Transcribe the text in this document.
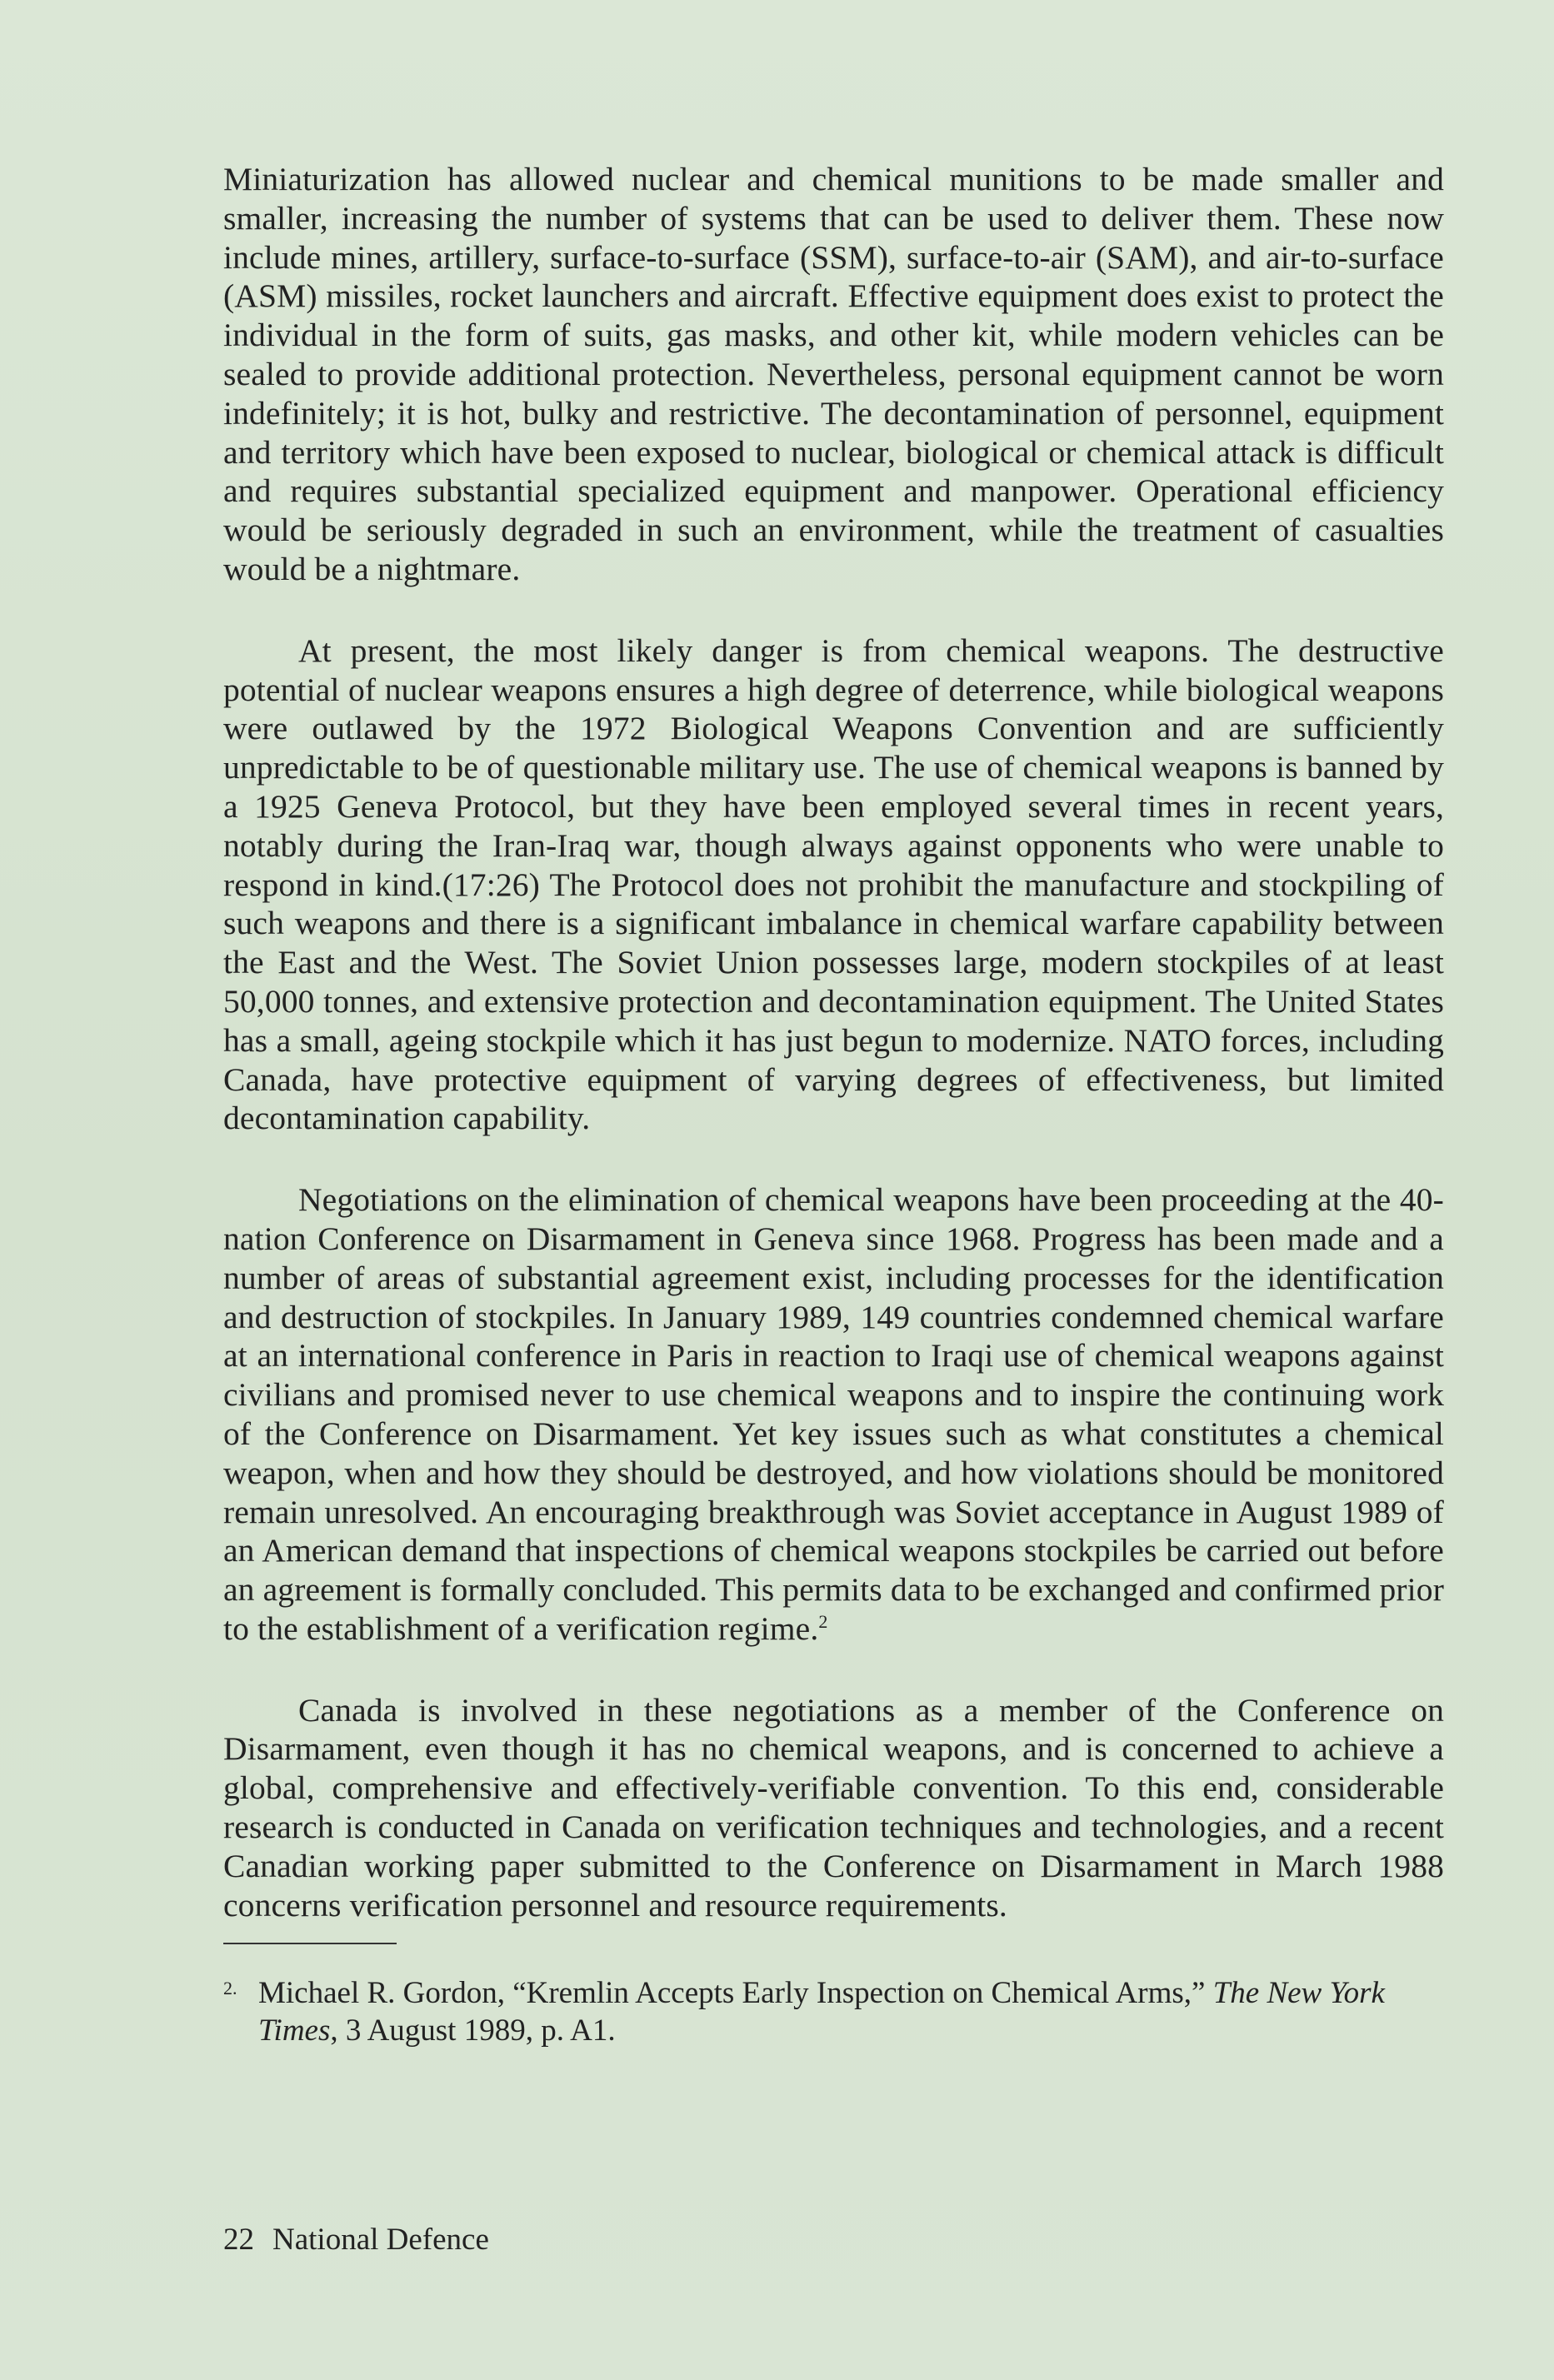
Miniaturization has allowed nuclear and chemical munitions to be made smaller and smaller, increasing the number of systems that can be used to deliver them. These now include mines, artillery, surface-to-surface (SSM), surface-to-air (SAM), and air-to-surface (ASM) missiles, rocket launchers and aircraft. Effective equipment does exist to protect the individual in the form of suits, gas masks, and other kit, while modern vehicles can be sealed to provide additional protection. Nevertheless, personal equipment cannot be worn indefinitely; it is hot, bulky and restrictive. The decontamination of personnel, equipment and territory which have been exposed to nuclear, biological or chemical attack is difficult and requires substantial specialized equipment and manpower. Operational efficiency would be seriously degraded in such an environment, while the treatment of casualties would be a nightmare.

At present, the most likely danger is from chemical weapons. The destructive potential of nuclear weapons ensures a high degree of deterrence, while biological weapons were outlawed by the 1972 Biological Weapons Convention and are sufficiently unpredictable to be of questionable military use. The use of chemical weapons is banned by a 1925 Geneva Protocol, but they have been employed several times in recent years, notably during the Iran-Iraq war, though always against opponents who were unable to respond in kind.(17:26) The Protocol does not prohibit the manufacture and stockpiling of such weapons and there is a significant imbalance in chemical warfare capability between the East and the West. The Soviet Union possesses large, modern stockpiles of at least 50,000 tonnes, and extensive protection and decontamination equipment. The United States has a small, ageing stockpile which it has just begun to modernize. NATO forces, including Canada, have protective equipment of varying degrees of effectiveness, but limited decontamination capability.

Negotiations on the elimination of chemical weapons have been proceeding at the 40-nation Conference on Disarmament in Geneva since 1968. Progress has been made and a number of areas of substantial agreement exist, including processes for the identification and destruction of stockpiles. In January 1989, 149 countries condemned chemical warfare at an international conference in Paris in reaction to Iraqi use of chemical weapons against civilians and promised never to use chemical weapons and to inspire the continuing work of the Conference on Disarmament. Yet key issues such as what constitutes a chemical weapon, when and how they should be destroyed, and how violations should be monitored remain unresolved. An encouraging breakthrough was Soviet acceptance in August 1989 of an American demand that inspections of chemical weapons stockpiles be carried out before an agreement is formally concluded. This permits data to be exchanged and confirmed prior to the establishment of a verification regime.$^2$

Canada is involved in these negotiations as a member of the Conference on Disarmament, even though it has no chemical weapons, and is concerned to achieve a global, comprehensive and effectively-verifiable convention. To this end, considerable research is conducted in Canada on verification techniques and technologies, and a recent Canadian working paper submitted to the Conference on Disarmament in March 1988 concerns verification personnel and resource requirements.

2. Michael R. Gordon, “Kremlin Accepts Early Inspection on Chemical Arms,” The New York Times, 3 August 1989, p. A1.
22 National Defence
